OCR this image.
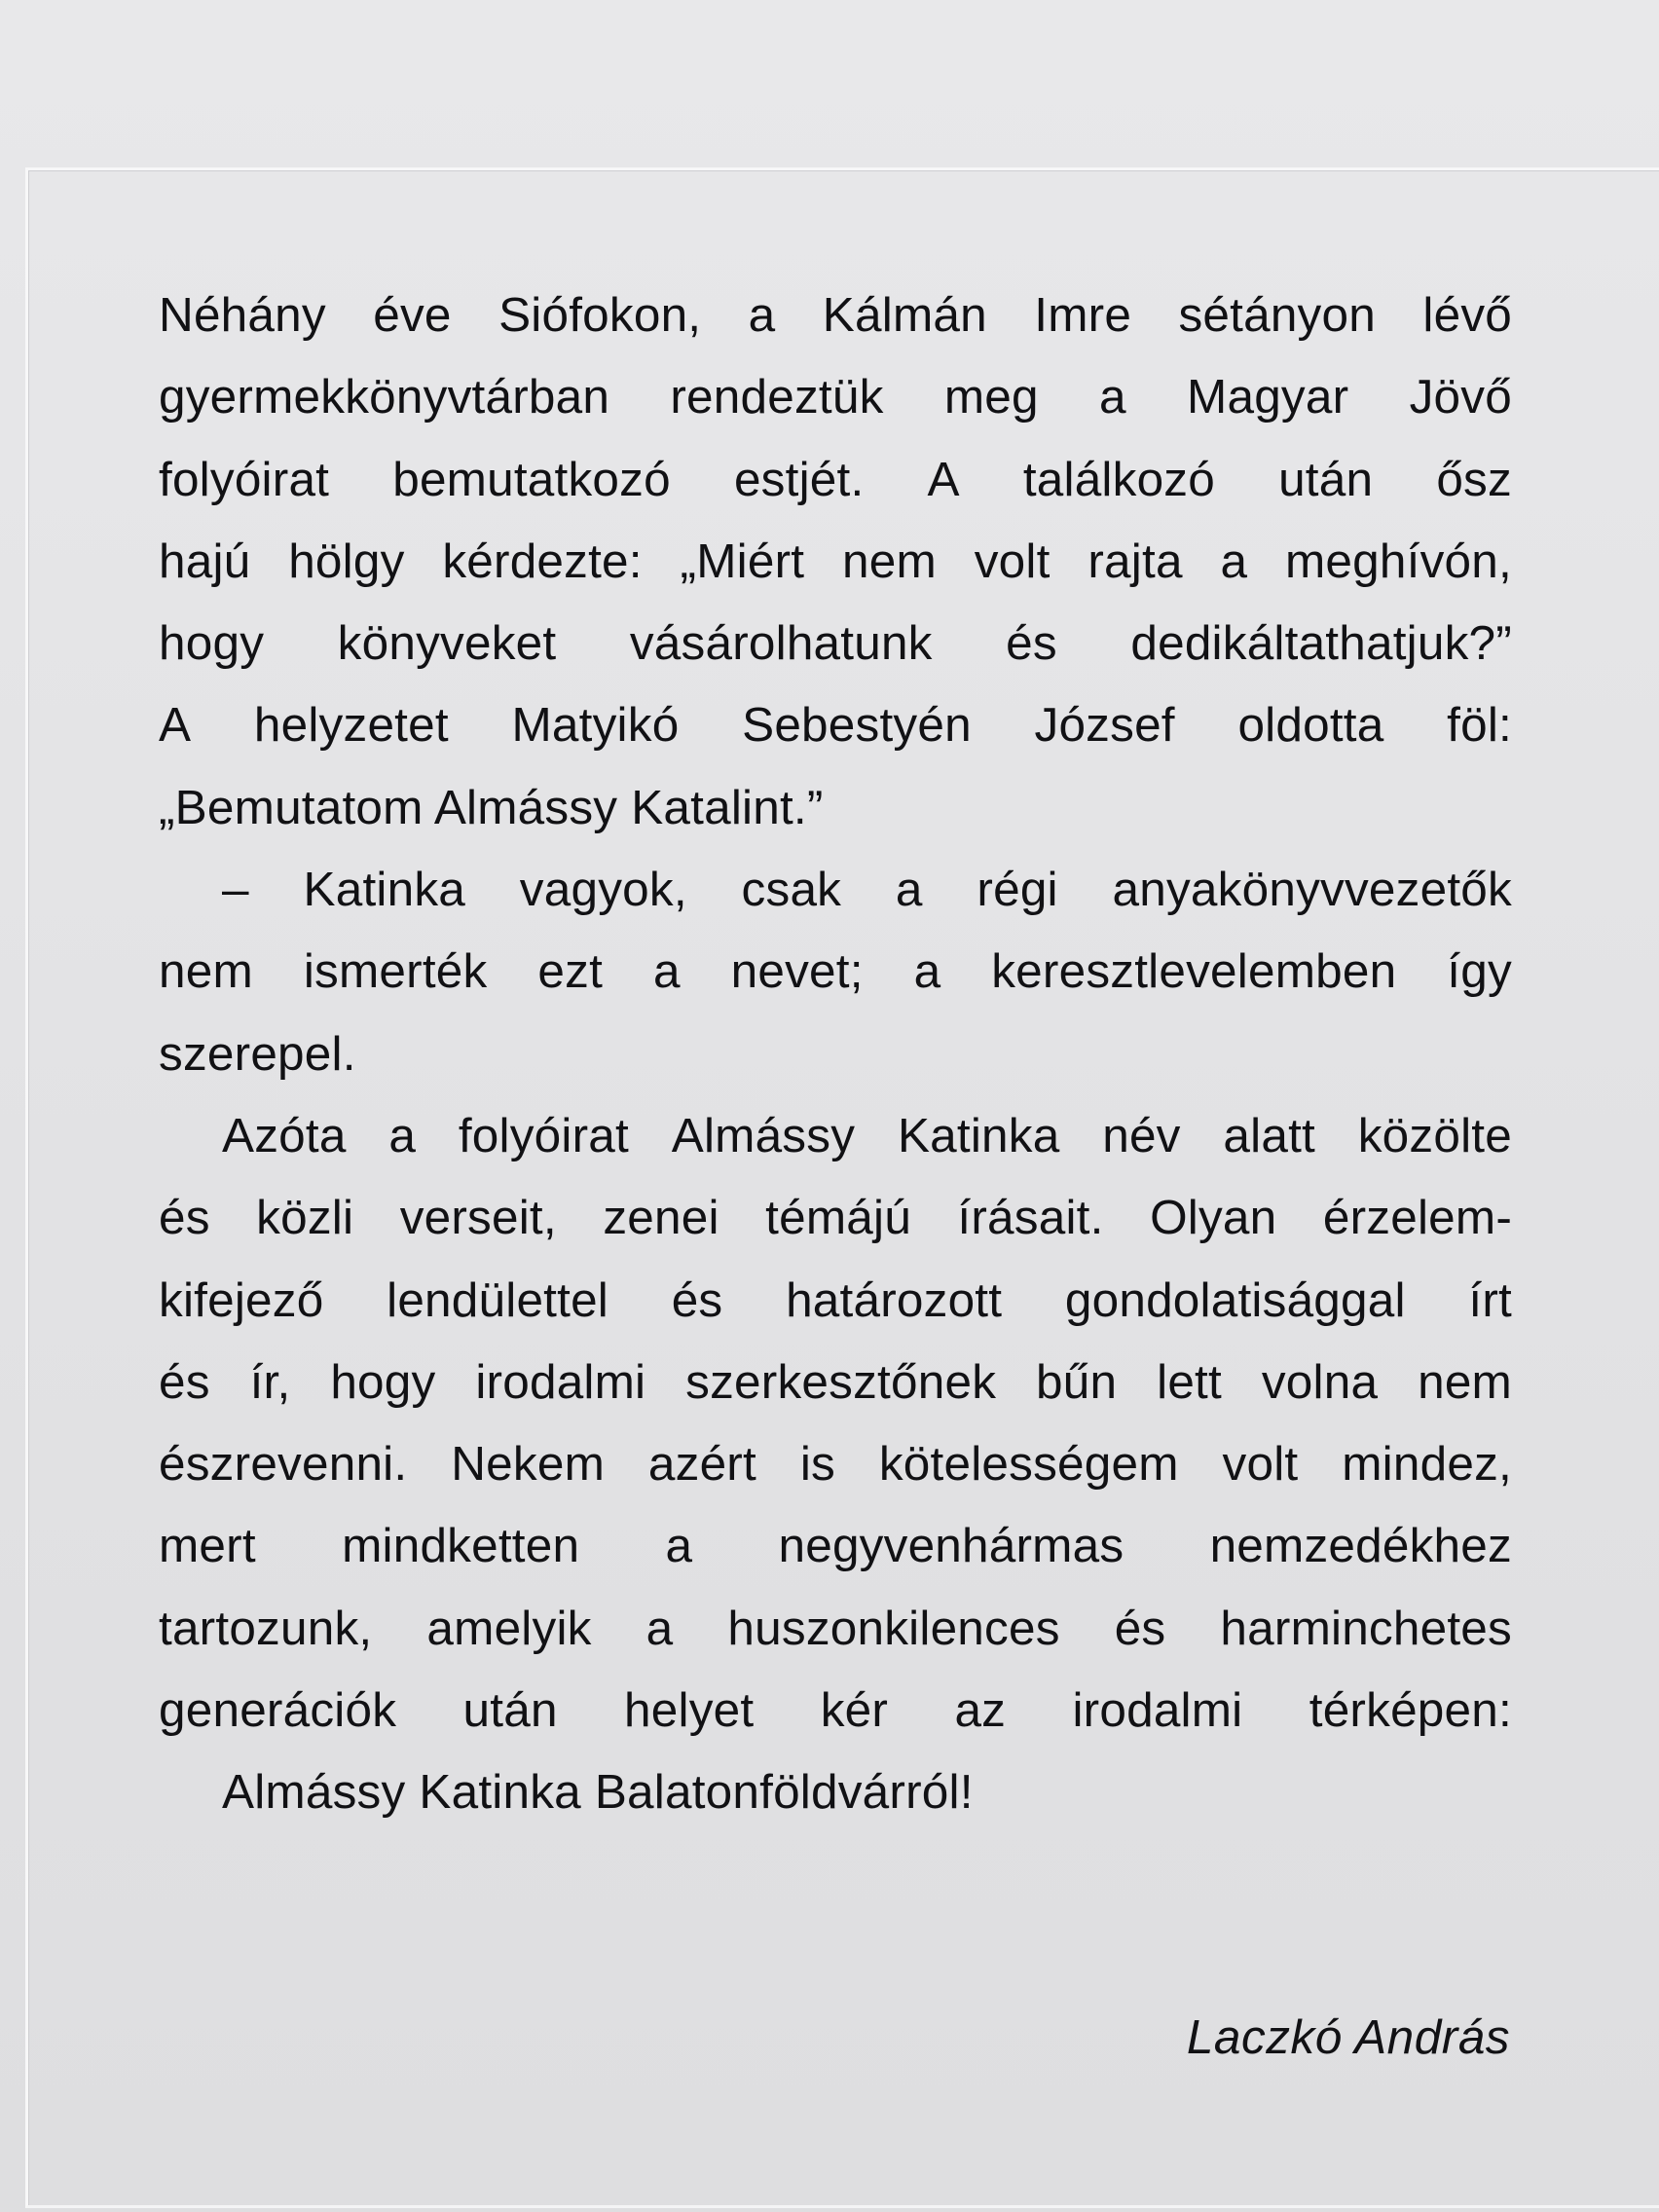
Néhány éve Siófokon, a Kálmán Imre sétányon lévő
gyermekkönyvtárban rendeztük meg a Magyar Jövő
folyóirat bemutatkozó estjét. A találkozó után ősz
hajú hölgy kérdezte: „Miért nem volt rajta a meghívón,
hogy könyveket vásárolhatunk és dedikáltathatjuk?”
A helyzetet Matyikó Sebestyén József oldotta föl:
„Bemutatom Almássy Katalint.”
– Katinka vagyok, csak a régi anyakönyvvezetők
nem ismerték ezt a nevet; a keresztlevelemben így
szerepel.
Azóta a folyóirat Almássy Katinka név alatt közölte
és közli verseit, zenei témájú írásait. Olyan érzelem-
kifejező lendülettel és határozott gondolatisággal írt
és ír, hogy irodalmi szerkesztőnek bűn lett volna nem
észrevenni. Nekem azért is kötelességem volt mindez,
mert mindketten a negyvenhármas nemzedékhez
tartozunk, amelyik a huszonkilences és harminchetes
generációk után helyet kér az irodalmi térképen:
Almássy Katinka Balatonföldvárról!
Laczkó András
